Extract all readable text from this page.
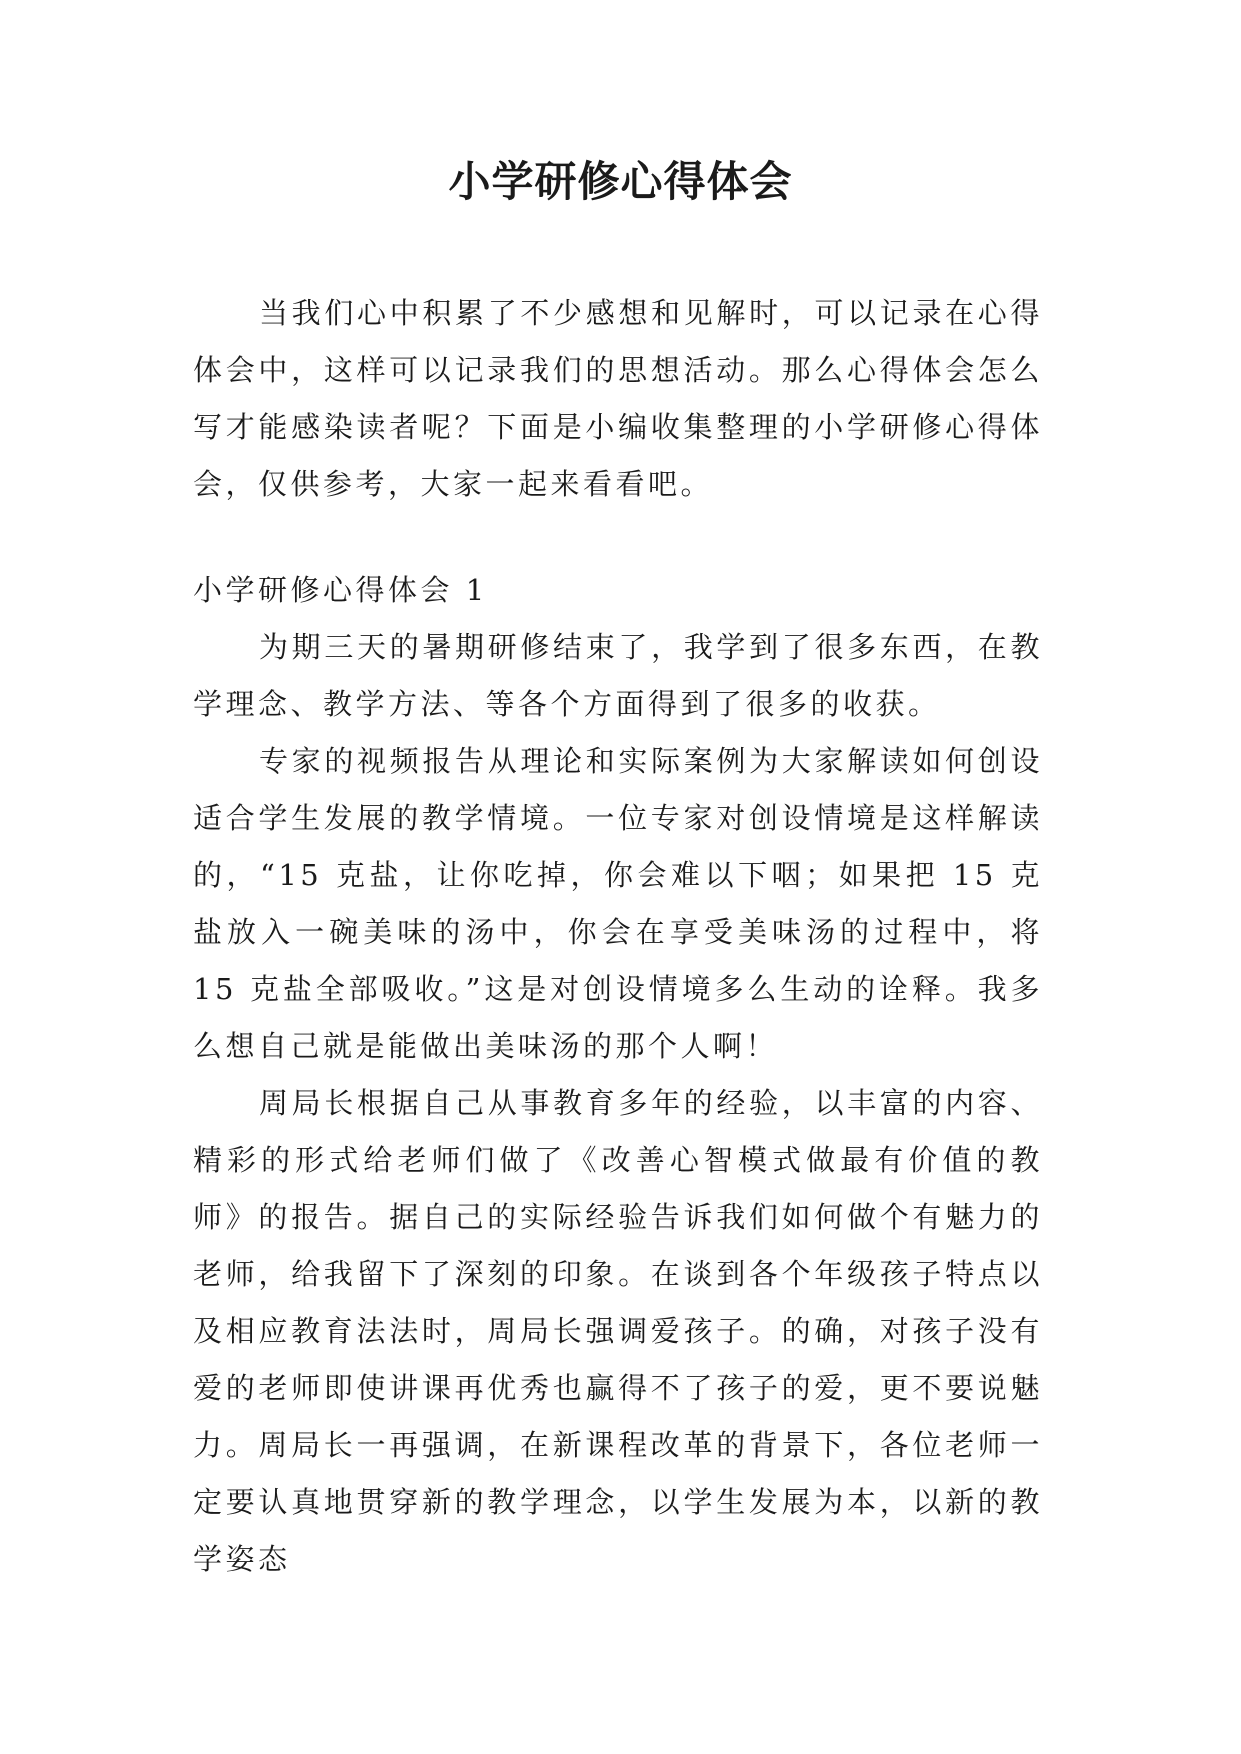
小学研修心得体会

当我们心中积累了不少感想和见解时，可以记录在心得体会中，这样可以记录我们的思想活动。那么心得体会怎么写才能感染读者呢？下面是小编收集整理的小学研修心得体会，仅供参考，大家一起来看看吧。

小学研修心得体会 1

为期三天的暑期研修结束了，我学到了很多东西，在教学理念、教学方法、等各个方面得到了很多的收获。

专家的视频报告从理论和实际案例为大家解读如何创设适合学生发展的教学情境。一位专家对创设情境是这样解读的，“15 克盐，让你吃掉，你会难以下咽；如果把 15 克盐放入一碗美味的汤中，你会在享受美味汤的过程中，将 15 克盐全部吸收。”这是对创设情境多么生动的诠释。我多么想自己就是能做出美味汤的那个人啊！

周局长根据自己从事教育多年的经验，以丰富的内容、精彩的形式给老师们做了《改善心智模式做最有价值的教师》的报告。据自己的实际经验告诉我们如何做个有魅力的老师，给我留下了深刻的印象。在谈到各个年级孩子特点以及相应教育法法时，周局长强调爱孩子。的确，对孩子没有爱的老师即使讲课再优秀也赢得不了孩子的爱，更不要说魅力。周局长一再强调，在新课程改革的背景下，各位老师一定要认真地贯穿新的教学理念，以学生发展为本，以新的教学姿态
